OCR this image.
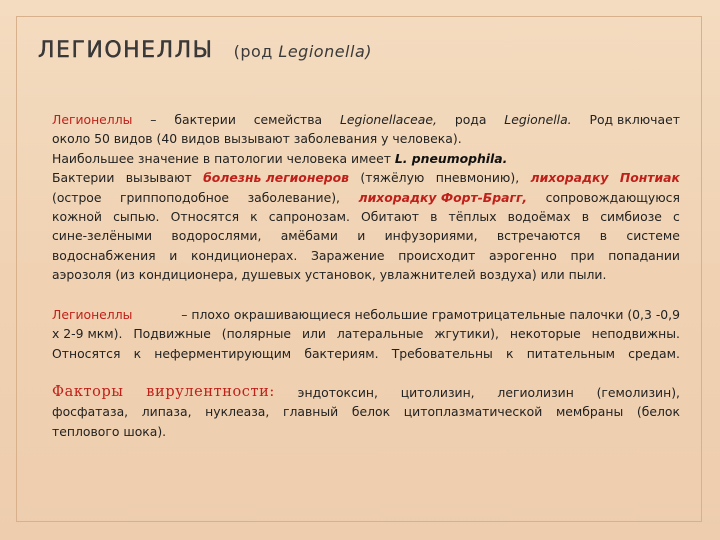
ЛЕГИОНЕЛЛЫ (род Legionella)
Легионеллы – бактерии семейства Legionellaceae, рода Legionella. Род включает
около 50 видов (40 видов вызывают заболевания у человека).
Наибольшее значение в патологии человека имеет L. pneumophila.
Бактерии вызывают болезнь легионеров (тяжёлую пневмонию), лихорадку Понтиак
(острое гриппоподобное заболевание), лихорадку Форт-Брагг, сопровождающуюся
кожной сыпью. Относятся к сапронозам. Обитают в тёплых водоёмах в симбиозе с
сине-зелёными водорослями, амёбами и инфузориями, встречаются в системе
водоснабжения и кондиционерах. Заражение происходит аэрогенно при попадании
аэрозоля (из кондиционера, душевых установок, увлажнителей воздуха) или пыли.
Легионеллы	– плохо окрашивающиеся небольшие грамотрицательные палочки (0,3 -0,9
х 2-9 мкм). Подвижные (полярные или латеральные жгутики), некоторые неподвижны.
Относятся к неферментирующим бактериям. Требовательны к питательным средам.
Факторы вирулентности: эндотоксин, цитолизин, легиолизин (гемолизин),
фосфатаза, липаза, нуклеаза, главный белок цитоплазматической мембраны (белок
теплового шока).
